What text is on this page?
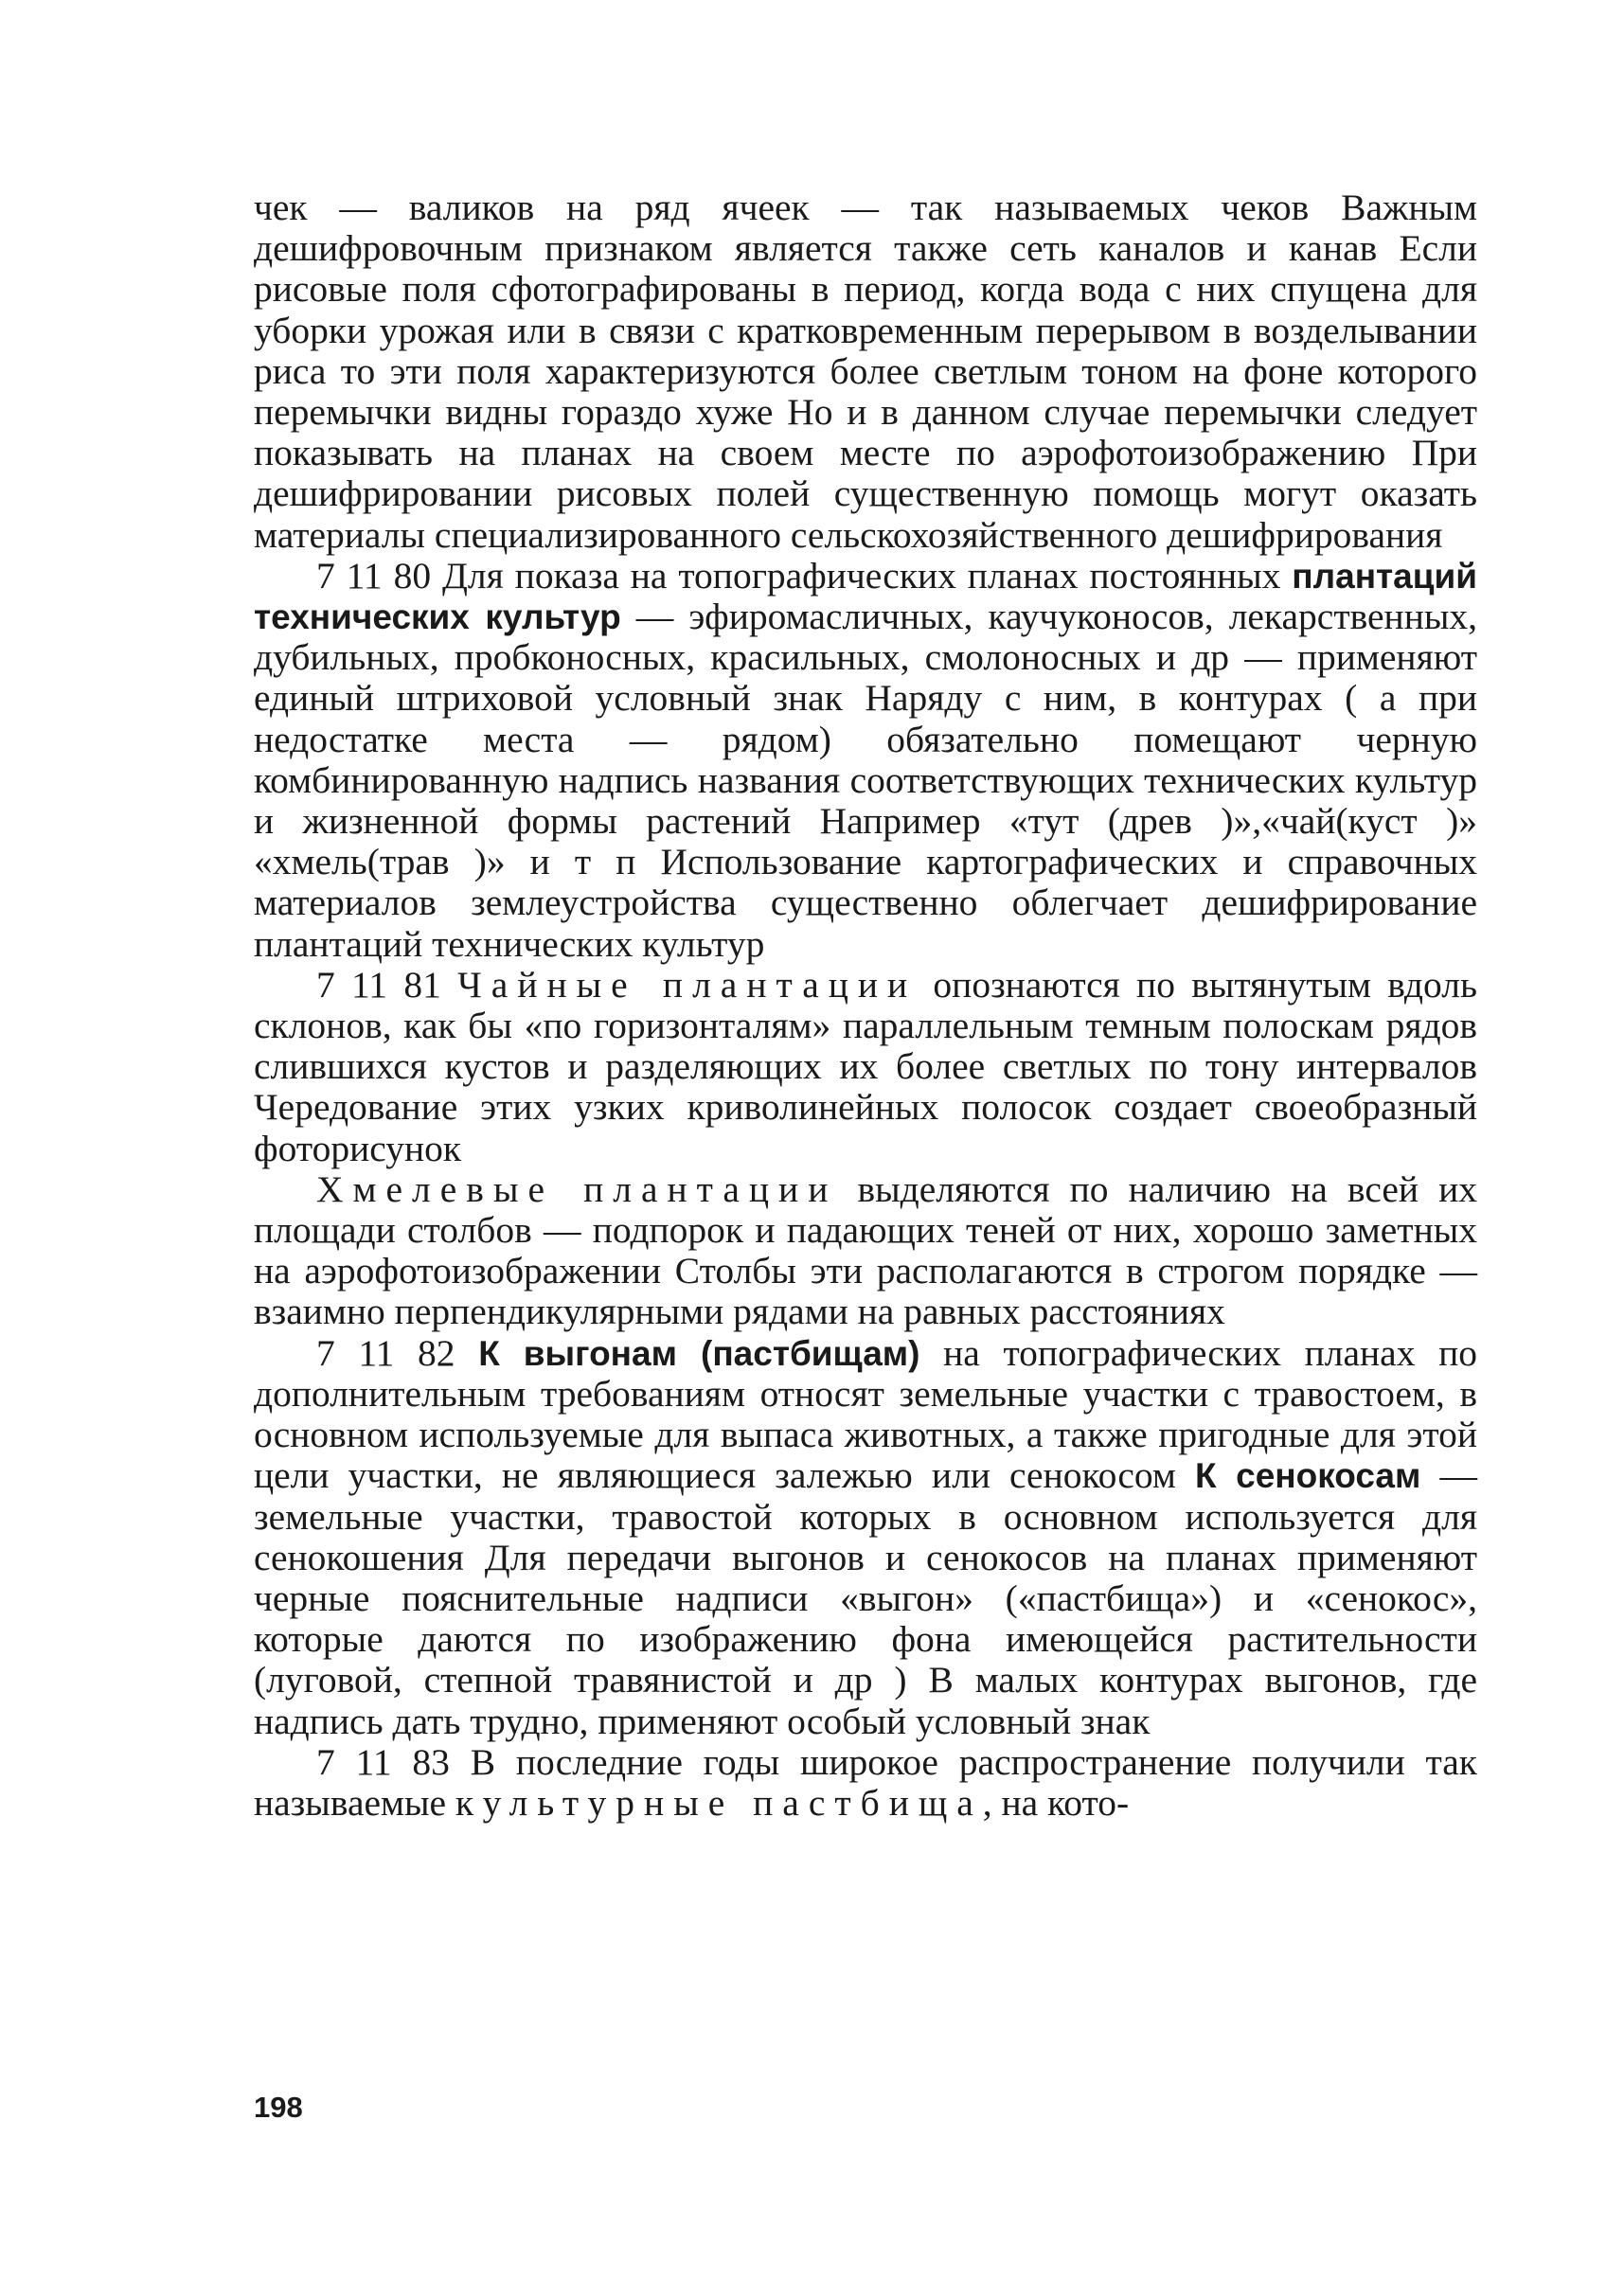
чек — валиков на ряд ячеек — так называемых чеков Важным дешифровочным признаком является также сеть каналов и канав Если рисовые поля сфотографированы в период, когда вода с них спущена для уборки урожая или в связи с кратковременным перерывом в возделывании риса то эти поля характеризуются более светлым тоном на фоне которого перемычки видны гораздо хуже Но и в данном случае перемычки следует показывать на планах на своем месте по аэрофотоизображению При дешифрировании рисовых полей существенную помощь могут оказать материалы специализированного сельскохозяйственного дешифрирования

7 11 80 Для показа на топографических планах постоянных плантаций технических культур — эфиромасличных, каучуконосов, лекарственных, дубильных, пробконосных, красильных, смолоносных и др — применяют единый штриховой условный знак Наряду с ним, в контурах ( а при недостатке места — рядом) обязательно помещают черную комбинированную надпись названия соответствующих технических культур и жизненной формы растений Например «тут (древ )»,«чай(куст )» «хмель(трав )» и т п Использование картографических и справочных материалов землеустройства существенно облегчает дешифрирование плантаций технических культур

7 11 81 Чайные плантации опознаются по вытянутым вдоль склонов, как бы «по горизонталям» параллельным темным полоскам рядов слившихся кустов и разделяющих их более светлых по тону интервалов Чередование этих узких криволинейных полосок создает своеобразный фоторисунок

Хмелевые плантации выделяются по наличию на всей их площади столбов — подпорок и падающих теней от них, хорошо заметных на аэрофотоизображении Столбы эти располагаются в строгом порядке — взаимно перпендикулярными рядами на равных расстояниях

7 11 82 К выгонам (пастбищам) на топографических планах по дополнительным требованиям относят земельные участки с травостоем, в основном используемые для выпаса животных, а также пригодные для этой цели участки, не являющиеся залежью или сенокосом К сенокосам — земельные участки, травостой которых в основном используется для сенокошения Для передачи выгонов и сенокосов на планах применяют черные пояснительные надписи «выгон» («пастбища») и «сенокос», которые даются по изображению фона имеющейся растительности (луговой, степной травянистой и др ) В малых контурах выгонов, где надпись дать трудно, применяют особый условный знак

7 11 83 В последние годы широкое распространение получили так называемые культурные пастбища, на кото-

198
